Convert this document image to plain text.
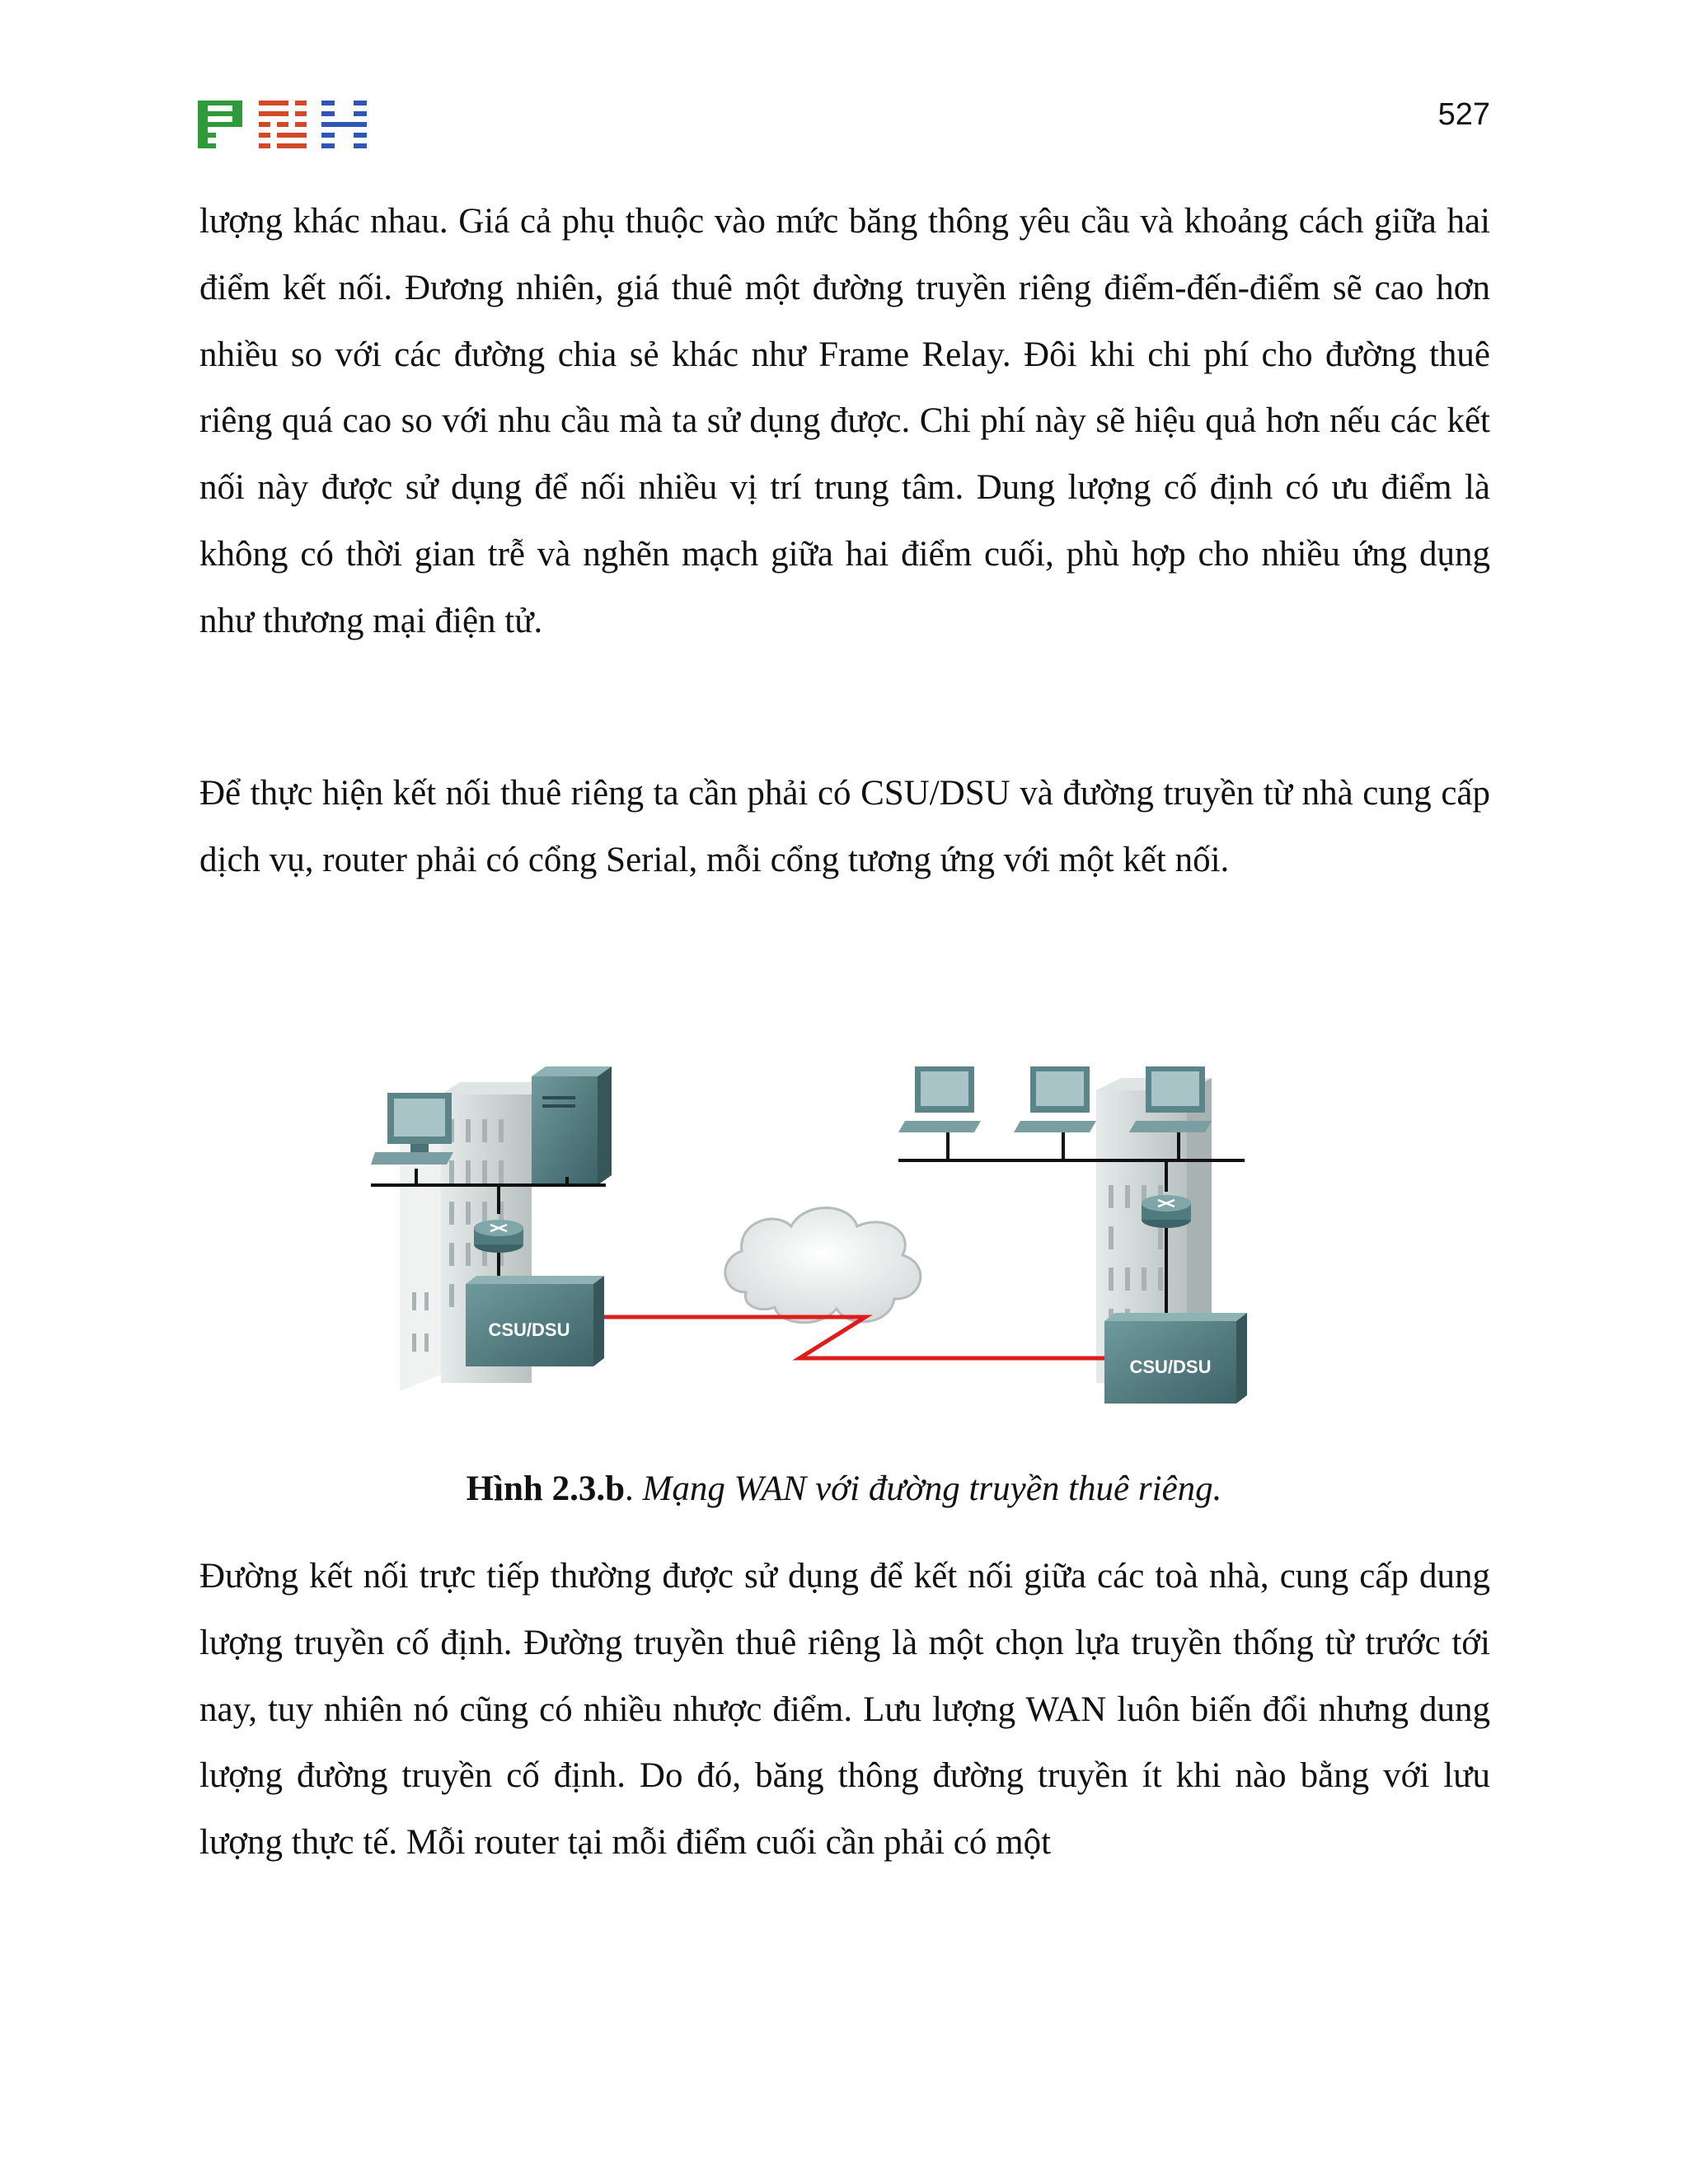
527

lượng khác nhau. Giá cả phụ thuộc vào mức băng thông yêu cầu và khoảng cách giữa hai điểm kết nối. Đương nhiên, giá thuê một đường truyền riêng điểm-đến-điểm sẽ cao hơn nhiều so với các đường chia sẻ khác như Frame Relay. Đôi khi chi phí cho đường thuê riêng quá cao so với nhu cầu mà ta sử dụng được. Chi phí này sẽ hiệu quả hơn nếu các kết nối này được sử dụng để nối nhiều vị trí trung tâm. Dung lượng cố định có ưu điểm là không có thời gian trễ và nghẽn mạch giữa hai điểm cuối, phù hợp cho nhiều ứng dụng như thương mại điện tử.

Để thực hiện kết nối thuê riêng ta cần phải có CSU/DSU và đường truyền từ nhà cung cấp dịch vụ, router phải có cổng Serial, mỗi cổng tương ứng với một kết nối.

CSU/DSU
CSU/DSU
Hình 2.3.b. Mạng WAN với đường truyền thuê riêng.

Đường kết nối trực tiếp thường được sử dụng để kết nối giữa các toà nhà, cung cấp dung lượng truyền cố định. Đường truyền thuê riêng là một chọn lựa truyền thống từ trước tới nay, tuy nhiên nó cũng có nhiều nhược điểm. Lưu lượng WAN luôn biến đổi nhưng dung lượng đường truyền cố định. Do đó, băng thông đường truyền ít khi nào bằng với lưu lượng thực tế. Mỗi router tại mỗi điểm cuối cần phải có một
